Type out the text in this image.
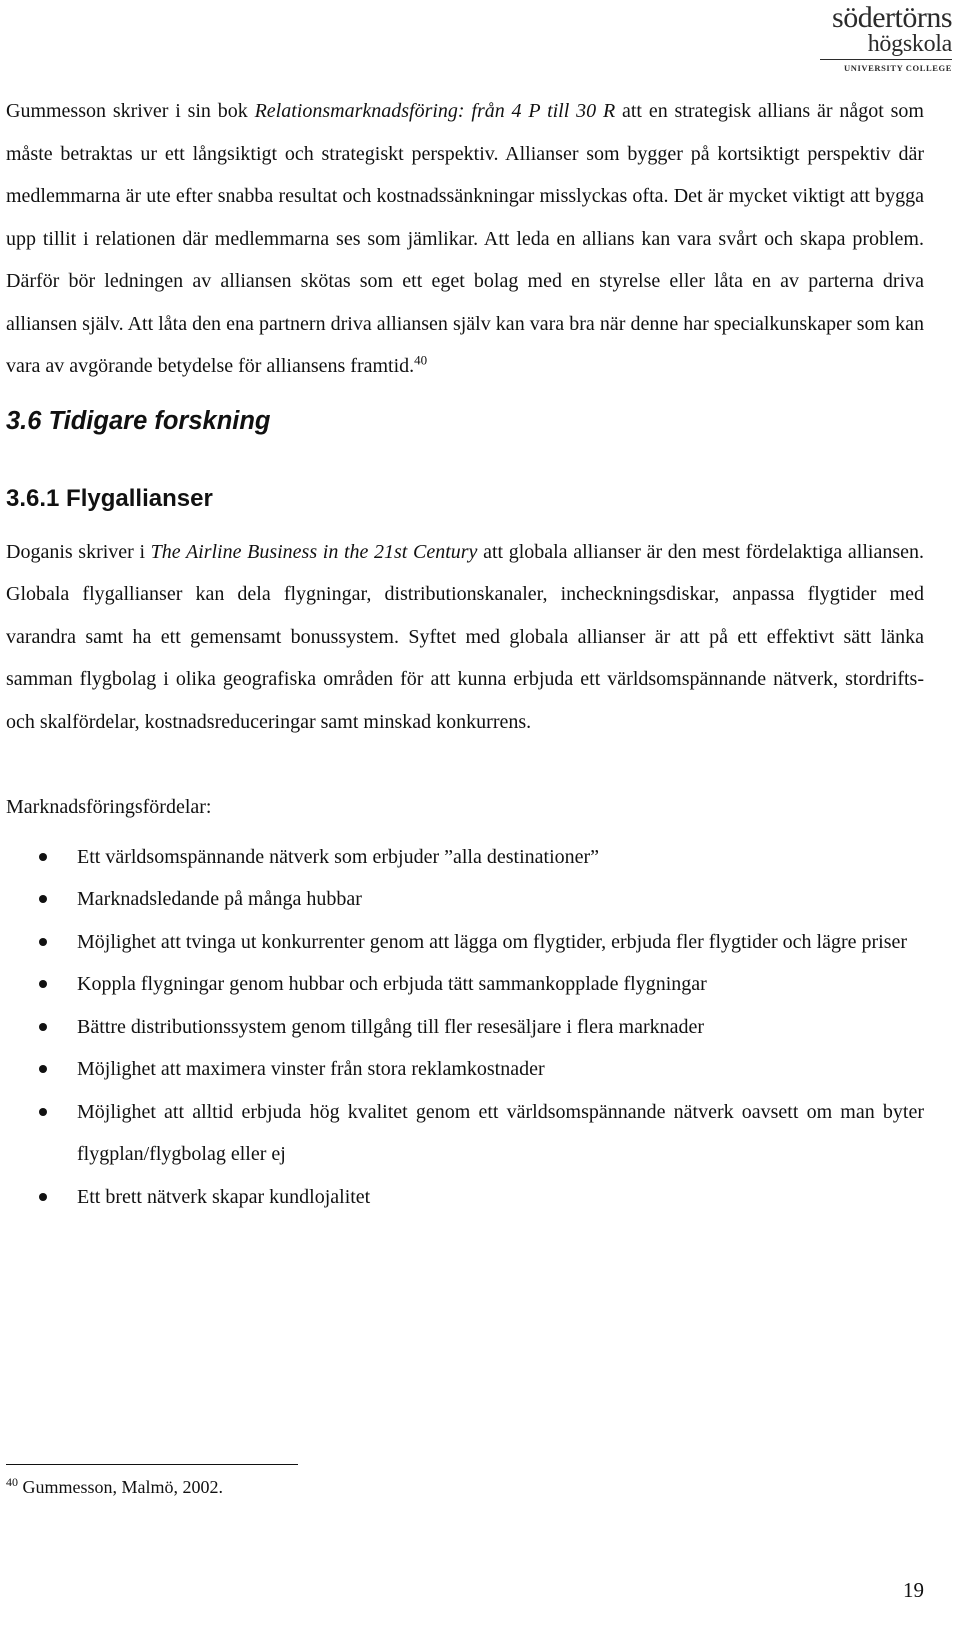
södertörns
högskola
UNIVERSITY COLLEGE

Gummesson skriver i sin bok Relationsmarknadsföring: från 4 P till 30 R att en strategisk allians är något som måste betraktas ur ett långsiktigt och strategiskt perspektiv. Allianser som bygger på kortsiktigt perspektiv där medlemmarna är ute efter snabba resultat och kostnadssänkningar misslyckas ofta. Det är mycket viktigt att bygga upp tillit i relationen där medlemmarna ses som jämlikar. Att leda en allians kan vara svårt och skapa problem. Därför bör ledningen av alliansen skötas som ett eget bolag med en styrelse eller låta en av parterna driva alliansen själv. Att låta den ena partnern driva alliansen själv kan vara bra när denne har specialkunskaper som kan vara av avgörande betydelse för alliansens framtid.$^{40}$

3.6 Tidigare forskning
3.6.1 Flygallianser

Doganis skriver i The Airline Business in the 21st Century att globala allianser är den mest fördelaktiga alliansen. Globala flygallianser kan dela flygningar, distributionskanaler, incheckningsdiskar, anpassa flygtider med varandra samt ha ett gemensamt bonussystem. Syftet med globala allianser är att på ett effektivt sätt länka samman flygbolag i olika geografiska områden för att kunna erbjuda ett världsomspännande nätverk, stordrifts- och skalfördelar, kostnadsreduceringar samt minskad konkurrens.

Marknadsföringsfördelar:

Ett världsomspännande nätverk som erbjuder ”alla destinationer”
Marknadsledande på många hubbar
Möjlighet att tvinga ut konkurrenter genom att lägga om flygtider, erbjuda fler flygtider och lägre priser
Koppla flygningar genom hubbar och erbjuda tätt sammankopplade flygningar
Bättre distributionssystem genom tillgång till fler resesäljare i flera marknader
Möjlighet att maximera vinster från stora reklamkostnader
Möjlighet att alltid erbjuda hög kvalitet genom ett världsomspännande nätverk oavsett om man byter flygplan/flygbolag eller ej
Ett brett nätverk skapar kundlojalitet
$^{40}$ Gummesson, Malmö, 2002.
19
